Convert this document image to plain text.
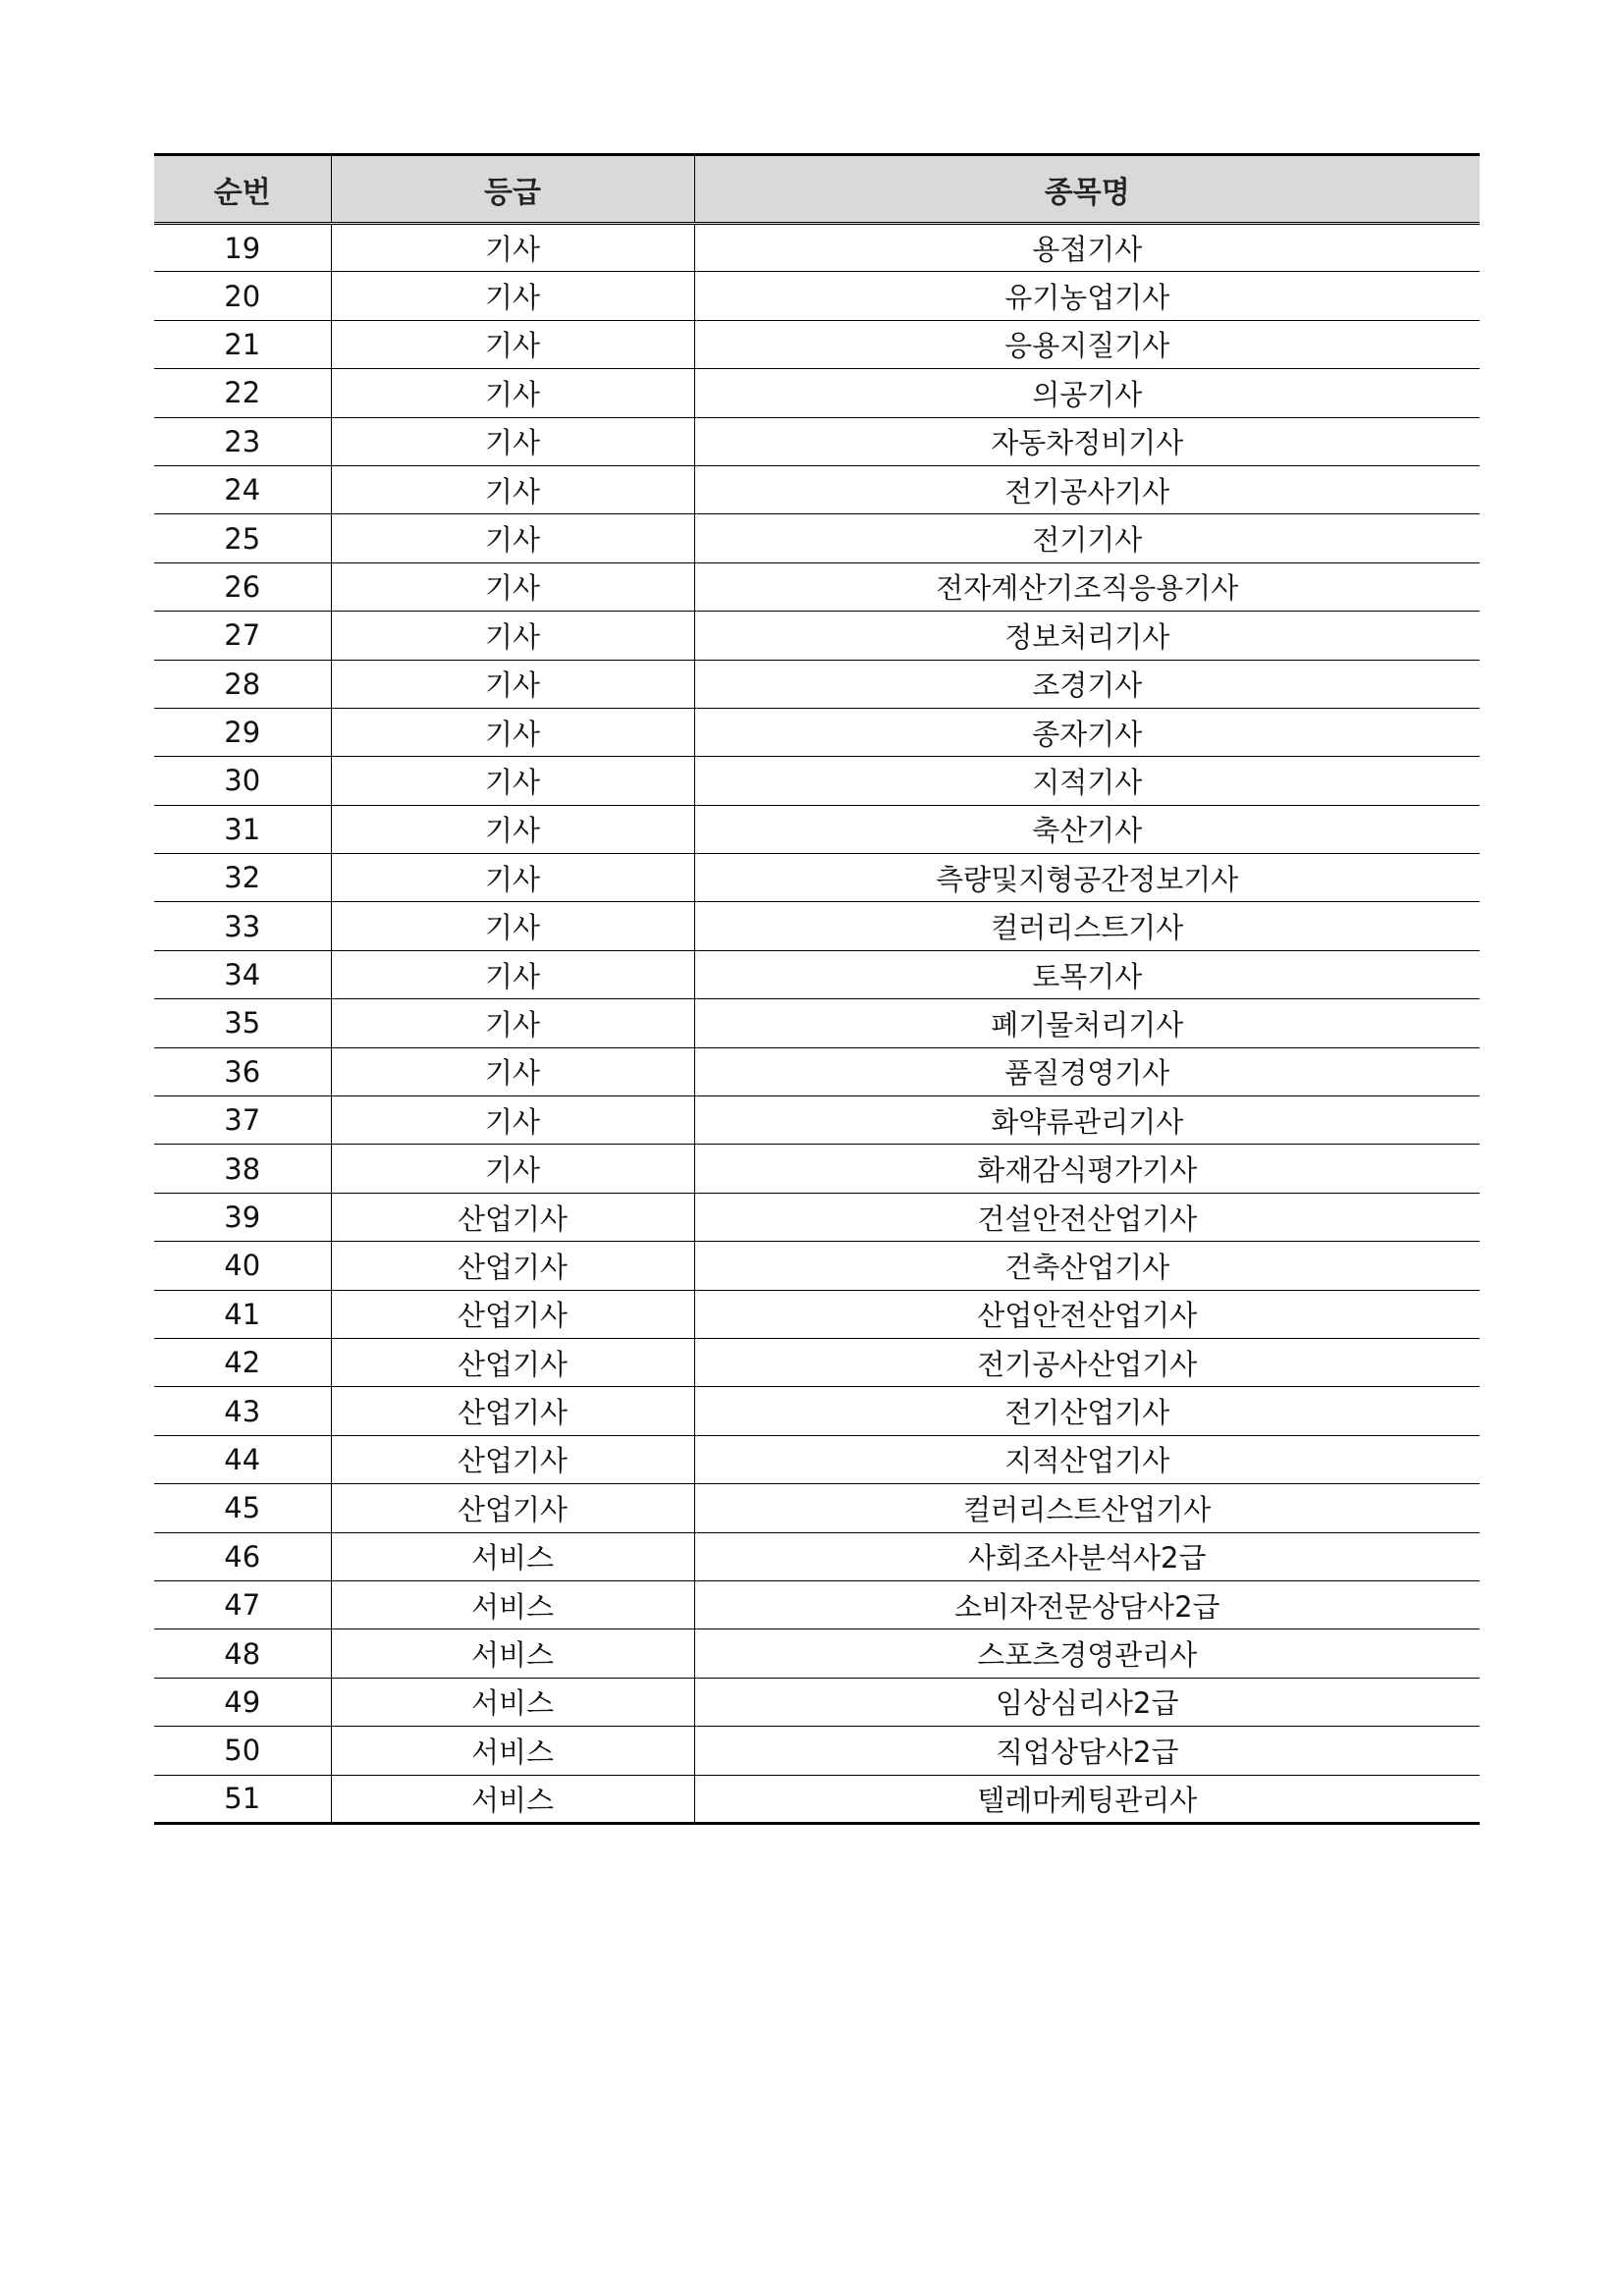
순번	등급	종목명
19	기사	용접기사
20	기사	유기농업기사
21	기사	응용지질기사
22	기사	의공기사
23	기사	자동차정비기사
24	기사	전기공사기사
25	기사	전기기사
26	기사	전자계산기조직응용기사
27	기사	정보처리기사
28	기사	조경기사
29	기사	종자기사
30	기사	지적기사
31	기사	축산기사
32	기사	측량및지형공간정보기사
33	기사	컬러리스트기사
34	기사	토목기사
35	기사	폐기물처리기사
36	기사	품질경영기사
37	기사	화약류관리기사
38	기사	화재감식평가기사
39	산업기사	건설안전산업기사
40	산업기사	건축산업기사
41	산업기사	산업안전산업기사
42	산업기사	전기공사산업기사
43	산업기사	전기산업기사
44	산업기사	지적산업기사
45	산업기사	컬러리스트산업기사
46	서비스	사회조사분석사2급
47	서비스	소비자전문상담사2급
48	서비스	스포츠경영관리사
49	서비스	임상심리사2급
50	서비스	직업상담사2급
51	서비스	텔레마케팅관리사
